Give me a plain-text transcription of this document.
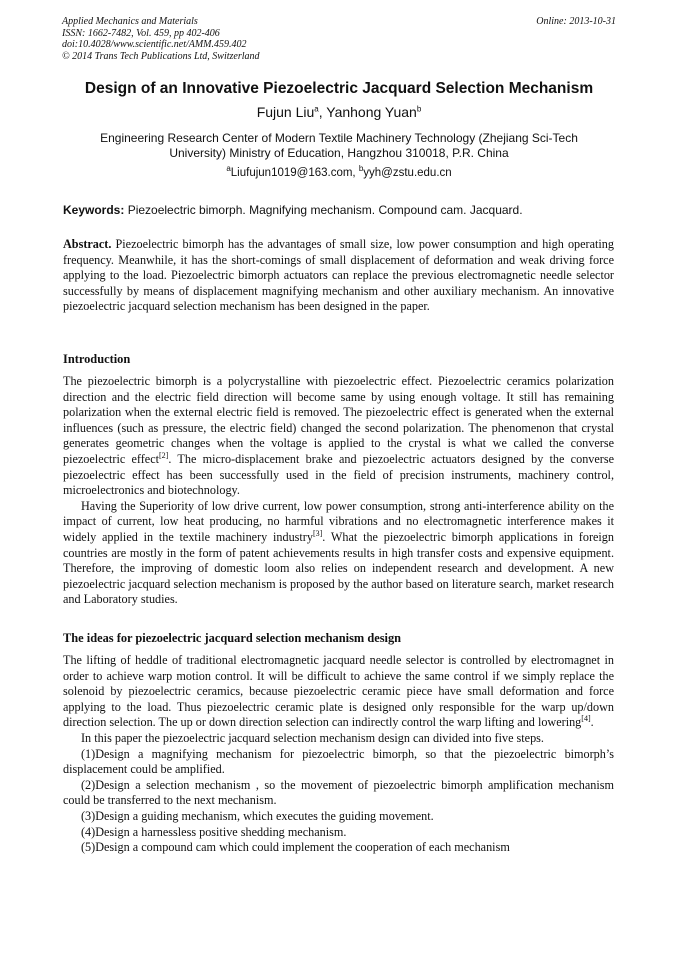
Applied Mechanics and Materials
ISSN: 1662-7482, Vol. 459, pp 402-406
doi:10.4028/www.scientific.net/AMM.459.402
© 2014 Trans Tech Publications Ltd, Switzerland
Online: 2013-10-31
Design of an Innovative Piezoelectric Jacquard Selection Mechanism
Fujun Liu$^a$, Yanhong Yuan$^b$
Engineering Research Center of Modern Textile Machinery Technology (Zhejiang Sci-Tech University) Ministry of Education, Hangzhou 310018, P.R. China
$^a$Liufujun1019@163.com, $^b$yyh@zstu.edu.cn
Keywords: Piezoelectric bimorph. Magnifying mechanism. Compound cam. Jacquard.

Abstract. Piezoelectric bimorph has the advantages of small size, low power consumption and high operating frequency. Meanwhile, it has the short-comings of small displacement of deformation and weak driving force applying to the load. Piezoelectric bimorph actuators can replace the previous electromagnetic needle selector successfully by means of displacement magnifying mechanism and other auxiliary mechanism. An innovative piezoelectric jacquard selection mechanism has been designed in the paper.

Introduction

The piezoelectric bimorph is a polycrystalline with piezoelectric effect. Piezoelectric ceramics polarization direction and the electric field direction will become same by using enough voltage. It still has remaining polarization when the external electric field is removed. The piezoelectric effect is generated when the external influences (such as pressure, the electric field) changed the second polarization. The phenomenon that crystal generates geometric changes when the voltage is applied to the crystal is what we called the converse piezoelectric effect[2]. The micro-displacement brake and piezoelectric actuators designed by the converse piezoelectric effect has been successfully used in the field of precision instruments, machinery control, microelectronics and biotechnology.

Having the Superiority of low drive current, low power consumption, strong anti-interference ability on the impact of current, low heat producing, no harmful vibrations and no electromagnetic interference makes it widely applied in the textile machinery industry[3]. What the piezoelectric bimorph applications in foreign countries are mostly in the form of patent achievements results in high transfer costs and expensive equipment. Therefore, the improving of domestic loom also relies on independent research and development. A new piezoelectric jacquard selection mechanism is proposed by the author based on literature search, market research and Laboratory studies.

The ideas for piezoelectric jacquard selection mechanism design

The lifting of heddle of traditional electromagnetic jacquard needle selector is controlled by electromagnet in order to achieve warp motion control. It will be difficult to achieve the same control if we simply replace the solenoid by piezoelectric ceramics, because piezoelectric ceramic piece have small deformation and force applying to the load. Thus piezoelectric ceramic plate is designed only responsible for the warp up/down direction selection. The up or down direction selection can indirectly control the warp lifting and lowering[4].

In this paper the piezoelectric jacquard selection mechanism design can divided into five steps.

(1)Design a magnifying mechanism for piezoelectric bimorph, so that the piezoelectric bimorph’s displacement could be amplified.

(2)Design a selection mechanism , so the movement of piezoelectric bimorph amplification mechanism could be transferred to the next mechanism.

(3)Design a guiding mechanism, which executes the guiding movement.

(4)Design a harnessless positive shedding mechanism.

(5)Design a compound cam which could implement the cooperation of each mechanism
